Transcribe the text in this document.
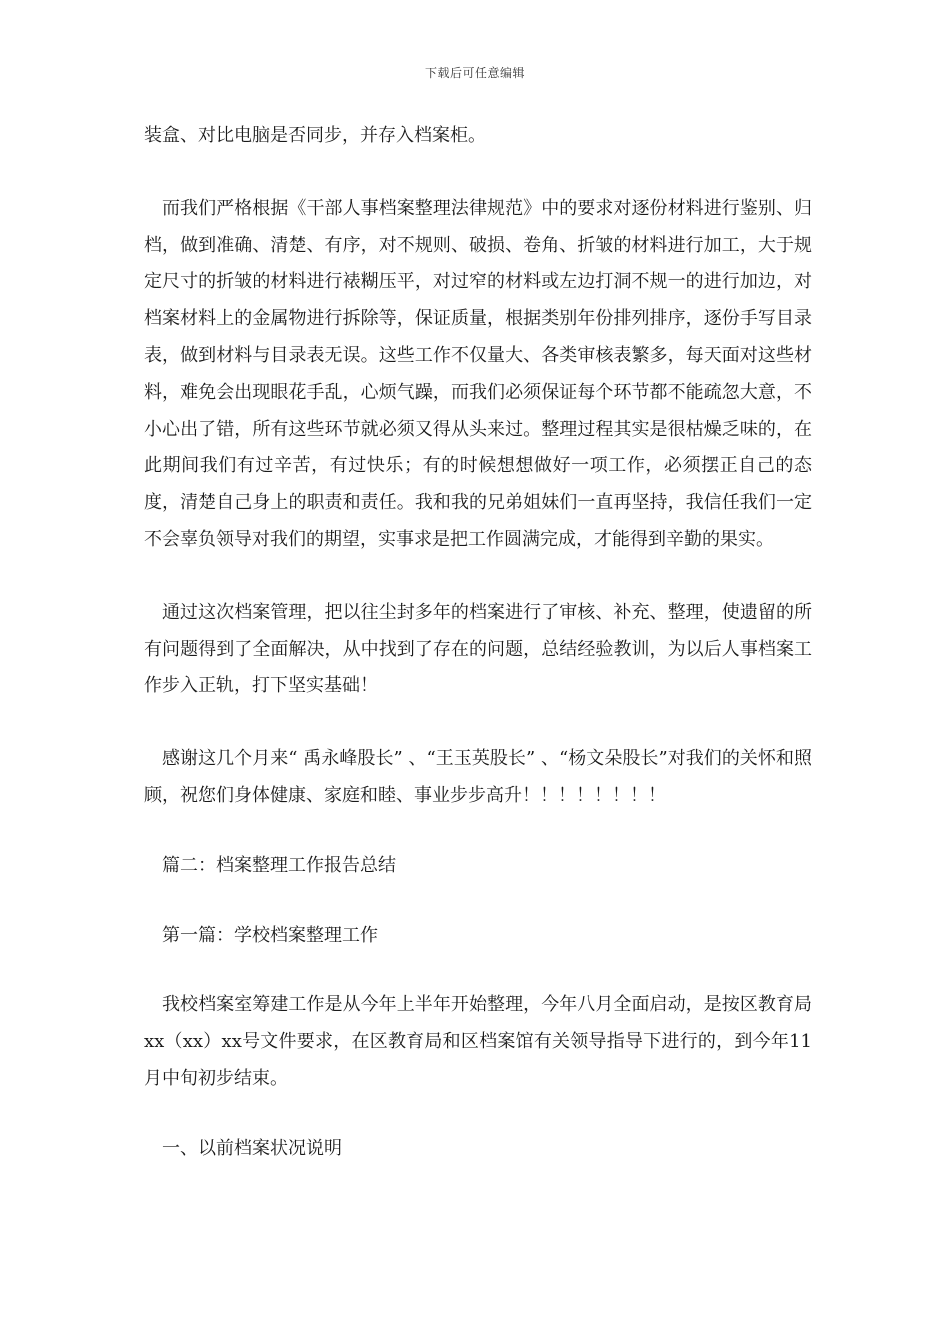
下载后可任意编辑

装盒、对比电脑是否同步，并存入档案柜。

而我们严格根据《干部人事档案整理法律规范》中的要求对逐份材料进行鉴别、归档，做到准确、清楚、有序，对不规则、破损、卷角、折皱的材料进行加工，大于规定尺寸的折皱的材料进行裱糊压平，对过窄的材料或左边打洞不规一的进行加边，对档案材料上的金属物进行拆除等，保证质量，根据类别年份排列排序，逐份手写目录表，做到材料与目录表无误。这些工作不仅量大、各类审核表繁多，每天面对这些材料，难免会出现眼花手乱，心烦气躁，而我们必须保证每个环节都不能疏忽大意，不小心出了错，所有这些环节就必须又得从头来过。整理过程其实是很枯燥乏味的，在此期间我们有过辛苦，有过快乐；有的时候想想做好一项工作，必须摆正自己的态度，清楚自己身上的职责和责任。我和我的兄弟姐妹们一直再坚持，我信任我们一定不会辜负领导对我们的期望，实事求是把工作圆满完成，才能得到辛勤的果实。

通过这次档案管理，把以往尘封多年的档案进行了审核、补充、整理，使遗留的所有问题得到了全面解决，从中找到了存在的问题，总结经验教训，为以后人事档案工作步入正轨，打下坚实基础！

感谢这几个月来“ 禹永峰股长” 、“王玉英股长” 、“杨文朵股长”对我们的关怀和照顾，祝您们身体健康、家庭和睦、事业步步高升！！！！！！！！

篇二：档案整理工作报告总结

第一篇：学校档案整理工作

我校档案室筹建工作是从今年上半年开始整理，今年八月全面启动，是按区教育局xx（xx）xx号文件要求，在区教育局和区档案馆有关领导指导下进行的，到今年11月中旬初步结束。

一、以前档案状况说明
